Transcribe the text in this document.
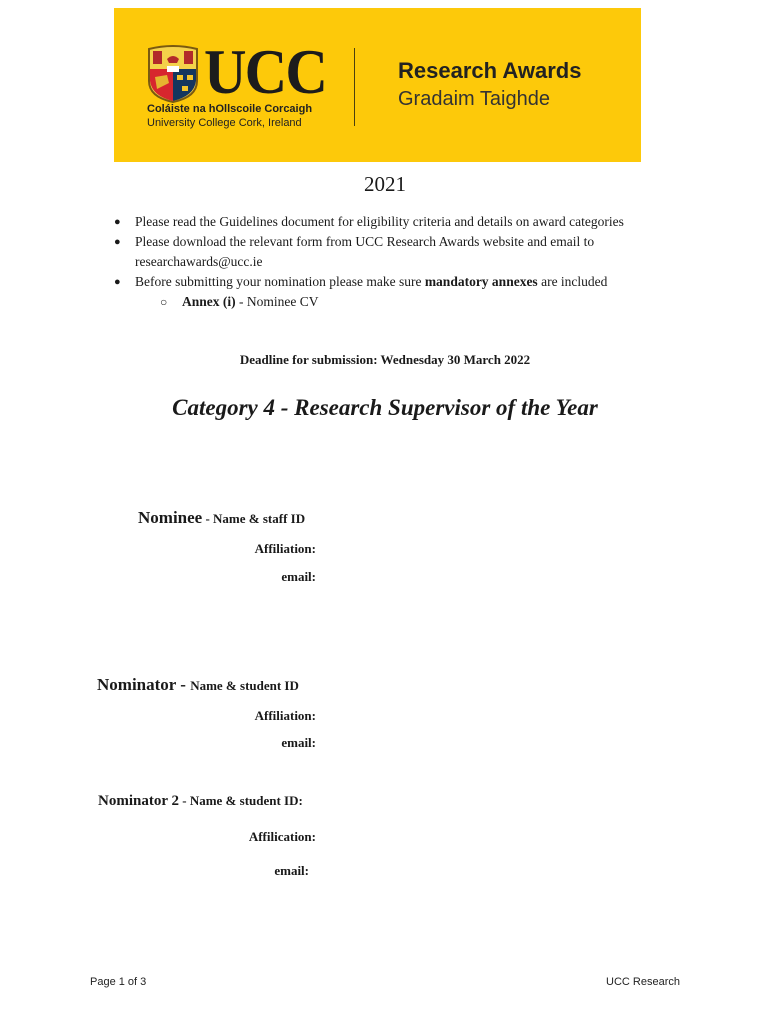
UCC
Coláiste na hOllscoile Corcaigh
University College Cork, Ireland
Research Awards
Gradaim Taighde
2021
● Please read the Guidelines document for eligibility criteria and details on award categories
● Please download the relevant form from UCC Research Awards website and email to researchawards@ucc.ie
● Before submitting your nomination please make sure mandatory annexes are included
○ Annex (i) - Nominee CV
Deadline for submission: Wednesday 30 March 2022
Category 4 - Research Supervisor of the Year
Nominee - Name & staff ID
Affiliation:
email:
Nominator - Name & student ID
Affiliation:
email:
Nominator 2 - Name & student ID:
Affilication:
email:
Page 1 of 3	UCC Research
